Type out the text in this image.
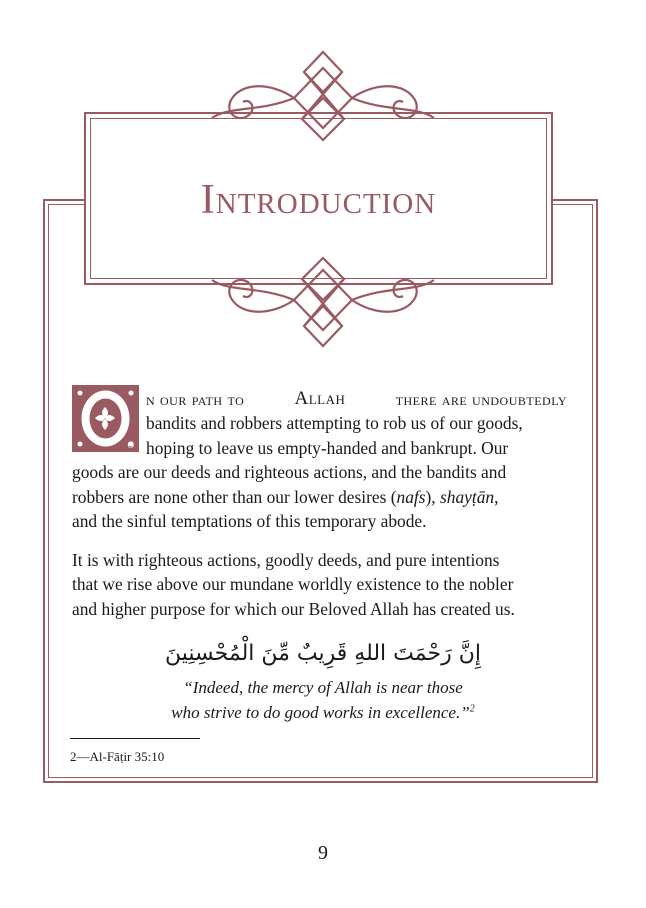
Introduction
O
n our path to	Allah	there are undoubtedly
bandits and robbers attempting to rob us of our goods,
hoping to leave us empty-handed and bankrupt. Our
goods are our deeds and righteous actions, and the bandits and
robbers are none other than our lower desires (nafs), shayṭān,
and the sinful temptations of this temporary abode.
It is with righteous actions, goodly deeds, and pure intentions
that we rise above our mundane worldly existence to the nobler
and higher purpose for which our Beloved Allah has created us.
إِنَّ رَحْمَتَ اللهِ قَرِيبٌ مِّنَ الْمُحْسِنِينَ
“Indeed, the mercy of Allah is near those
who strive to do good works in excellence.”$^2$
2—Al-Fāṭir 35:10
9
